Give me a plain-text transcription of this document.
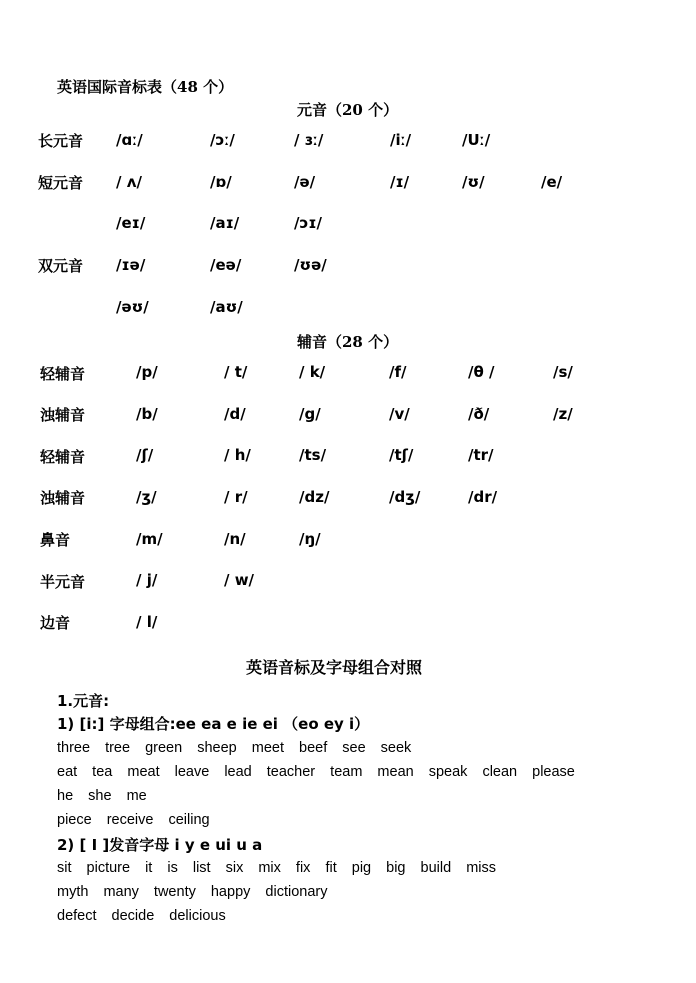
英语国际音标表（48 个）
元音（20 个）
长元音 /ɑː/	/ɔː/	/ ɜː/	/iː/	/Uː/
短元音 / ʌ/	/ɒ/	/ə/	/ɪ/	/ʊ/	/e/
/eɪ/	/aɪ/	/ɔɪ/
双元音 /ɪə/	/eə/	/ʊə/
/əʊ/	/aʊ/
辅音（28 个）
轻辅音	/p/	/ t/	/ k/	/f/	/θ /	/s/
浊辅音	/b/	/d/	/g/	/v/	/ð/	/z/
轻辅音	/ʃ/	/ h/	/ts/	/tʃ/	/tr/
浊辅音	/ʒ/	/ r/	/dz/	/dʒ/	/dr/
鼻音	/m/	/n/	/ŋ/
半元音	/ j/	/ w/
边音	/ l/
英语音标及字母组合对照
1.元音:
1) [i:] 字母组合:ee ea e ie ei （eo ey i）
three tree green sheep meet beef see seek
eat tea meat leave lead teacher team mean speak clean please
he she me
piece receive ceiling
2) [ I ]发音字母 i y e ui u a
sit picture it is list six mix fix fit pig big build miss
myth many twenty happy dictionary
defect decide delicious
